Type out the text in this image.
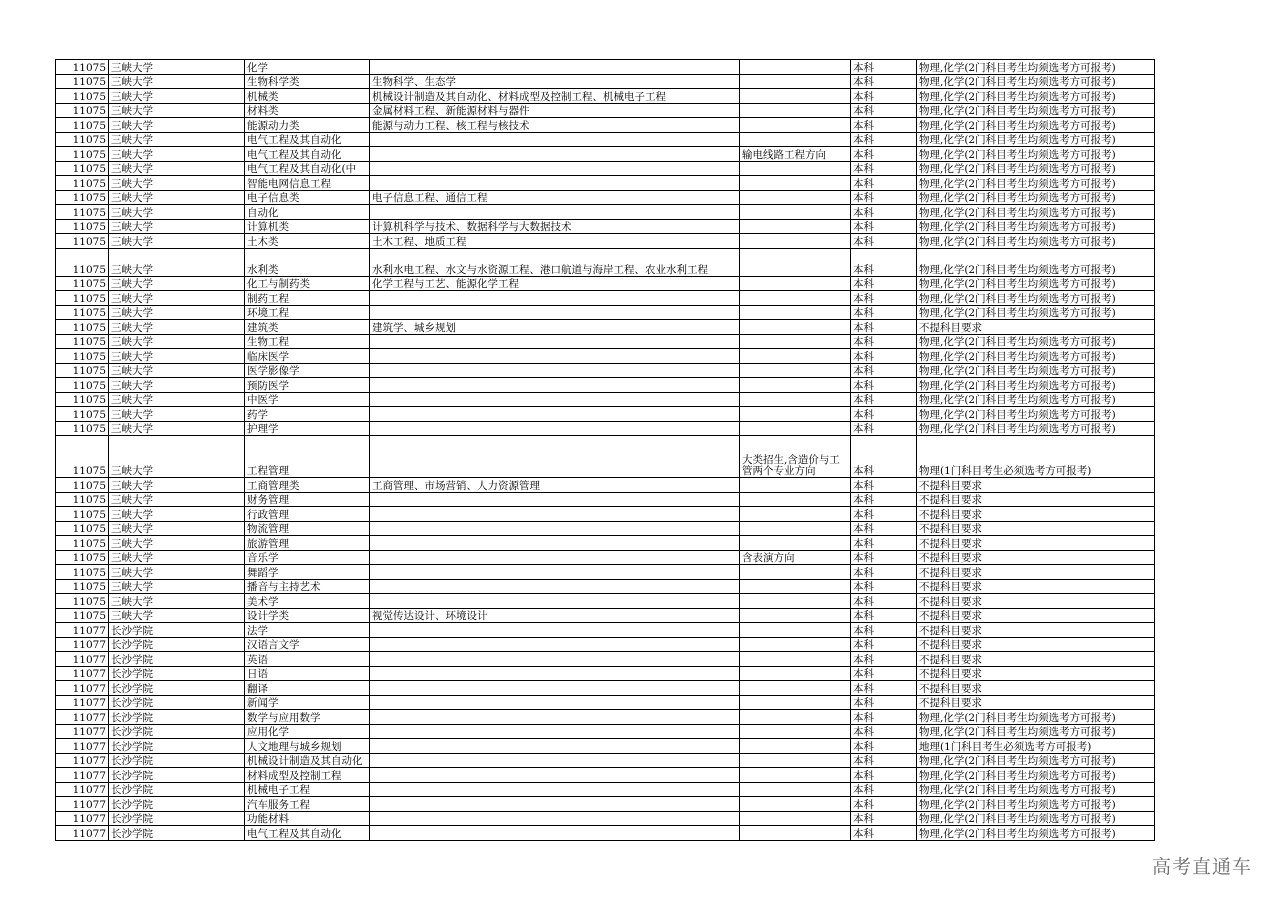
11075	三峡大学	化学			本科	物理,化学(2门科目考生均须选考方可报考)
11075	三峡大学	生物科学类	生物科学、生态学		本科	物理,化学(2门科目考生均须选考方可报考)
11075	三峡大学	机械类	机械设计制造及其自动化、材料成型及控制工程、机械电子工程		本科	物理,化学(2门科目考生均须选考方可报考)
11075	三峡大学	材料类	金属材料工程、新能源材料与器件		本科	物理,化学(2门科目考生均须选考方可报考)
11075	三峡大学	能源动力类	能源与动力工程、核工程与核技术		本科	物理,化学(2门科目考生均须选考方可报考)
11075	三峡大学	电气工程及其自动化			本科	物理,化学(2门科目考生均须选考方可报考)
11075	三峡大学	电气工程及其自动化		输电线路工程方向	本科	物理,化学(2门科目考生均须选考方可报考)
11075	三峡大学	电气工程及其自动化(中			本科	物理,化学(2门科目考生均须选考方可报考)
11075	三峡大学	智能电网信息工程			本科	物理,化学(2门科目考生均须选考方可报考)
11075	三峡大学	电子信息类	电子信息工程、通信工程		本科	物理,化学(2门科目考生均须选考方可报考)
11075	三峡大学	自动化			本科	物理,化学(2门科目考生均须选考方可报考)
11075	三峡大学	计算机类	计算机科学与技术、数据科学与大数据技术		本科	物理,化学(2门科目考生均须选考方可报考)
11075	三峡大学	土木类	土木工程、地质工程		本科	物理,化学(2门科目考生均须选考方可报考)
11075	三峡大学	水利类	水利水电工程、水文与水资源工程、港口航道与海岸工程、农业水利工程		本科	物理,化学(2门科目考生均须选考方可报考)
11075	三峡大学	化工与制药类	化学工程与工艺、能源化学工程		本科	物理,化学(2门科目考生均须选考方可报考)
11075	三峡大学	制药工程			本科	物理,化学(2门科目考生均须选考方可报考)
11075	三峡大学	环境工程			本科	物理,化学(2门科目考生均须选考方可报考)
11075	三峡大学	建筑类	建筑学、城乡规划		本科	不提科目要求
11075	三峡大学	生物工程			本科	物理,化学(2门科目考生均须选考方可报考)
11075	三峡大学	临床医学			本科	物理,化学(2门科目考生均须选考方可报考)
11075	三峡大学	医学影像学			本科	物理,化学(2门科目考生均须选考方可报考)
11075	三峡大学	预防医学			本科	物理,化学(2门科目考生均须选考方可报考)
11075	三峡大学	中医学			本科	物理,化学(2门科目考生均须选考方可报考)
11075	三峡大学	药学			本科	物理,化学(2门科目考生均须选考方可报考)
11075	三峡大学	护理学			本科	物理,化学(2门科目考生均须选考方可报考)
11075	三峡大学	工程管理		大类招生,含造价与工管两个专业方向	本科	物理(1门科目考生必须选考方可报考)
11075	三峡大学	工商管理类	工商管理、市场营销、人力资源管理		本科	不提科目要求
11075	三峡大学	财务管理			本科	不提科目要求
11075	三峡大学	行政管理			本科	不提科目要求
11075	三峡大学	物流管理			本科	不提科目要求
11075	三峡大学	旅游管理			本科	不提科目要求
11075	三峡大学	音乐学		含表演方向	本科	不提科目要求
11075	三峡大学	舞蹈学			本科	不提科目要求
11075	三峡大学	播音与主持艺术			本科	不提科目要求
11075	三峡大学	美术学			本科	不提科目要求
11075	三峡大学	设计学类	视觉传达设计、环境设计		本科	不提科目要求
11077	长沙学院	法学			本科	不提科目要求
11077	长沙学院	汉语言文学			本科	不提科目要求
11077	长沙学院	英语			本科	不提科目要求
11077	长沙学院	日语			本科	不提科目要求
11077	长沙学院	翻译			本科	不提科目要求
11077	长沙学院	新闻学			本科	不提科目要求
11077	长沙学院	数学与应用数学			本科	物理,化学(2门科目考生均须选考方可报考)
11077	长沙学院	应用化学			本科	物理,化学(2门科目考生均须选考方可报考)
11077	长沙学院	人文地理与城乡规划			本科	地理(1门科目考生必须选考方可报考)
11077	长沙学院	机械设计制造及其自动化			本科	物理,化学(2门科目考生均须选考方可报考)
11077	长沙学院	材料成型及控制工程			本科	物理,化学(2门科目考生均须选考方可报考)
11077	长沙学院	机械电子工程			本科	物理,化学(2门科目考生均须选考方可报考)
11077	长沙学院	汽车服务工程			本科	物理,化学(2门科目考生均须选考方可报考)
11077	长沙学院	功能材料			本科	物理,化学(2门科目考生均须选考方可报考)
11077	长沙学院	电气工程及其自动化			本科	物理,化学(2门科目考生均须选考方可报考)
高考直通车
